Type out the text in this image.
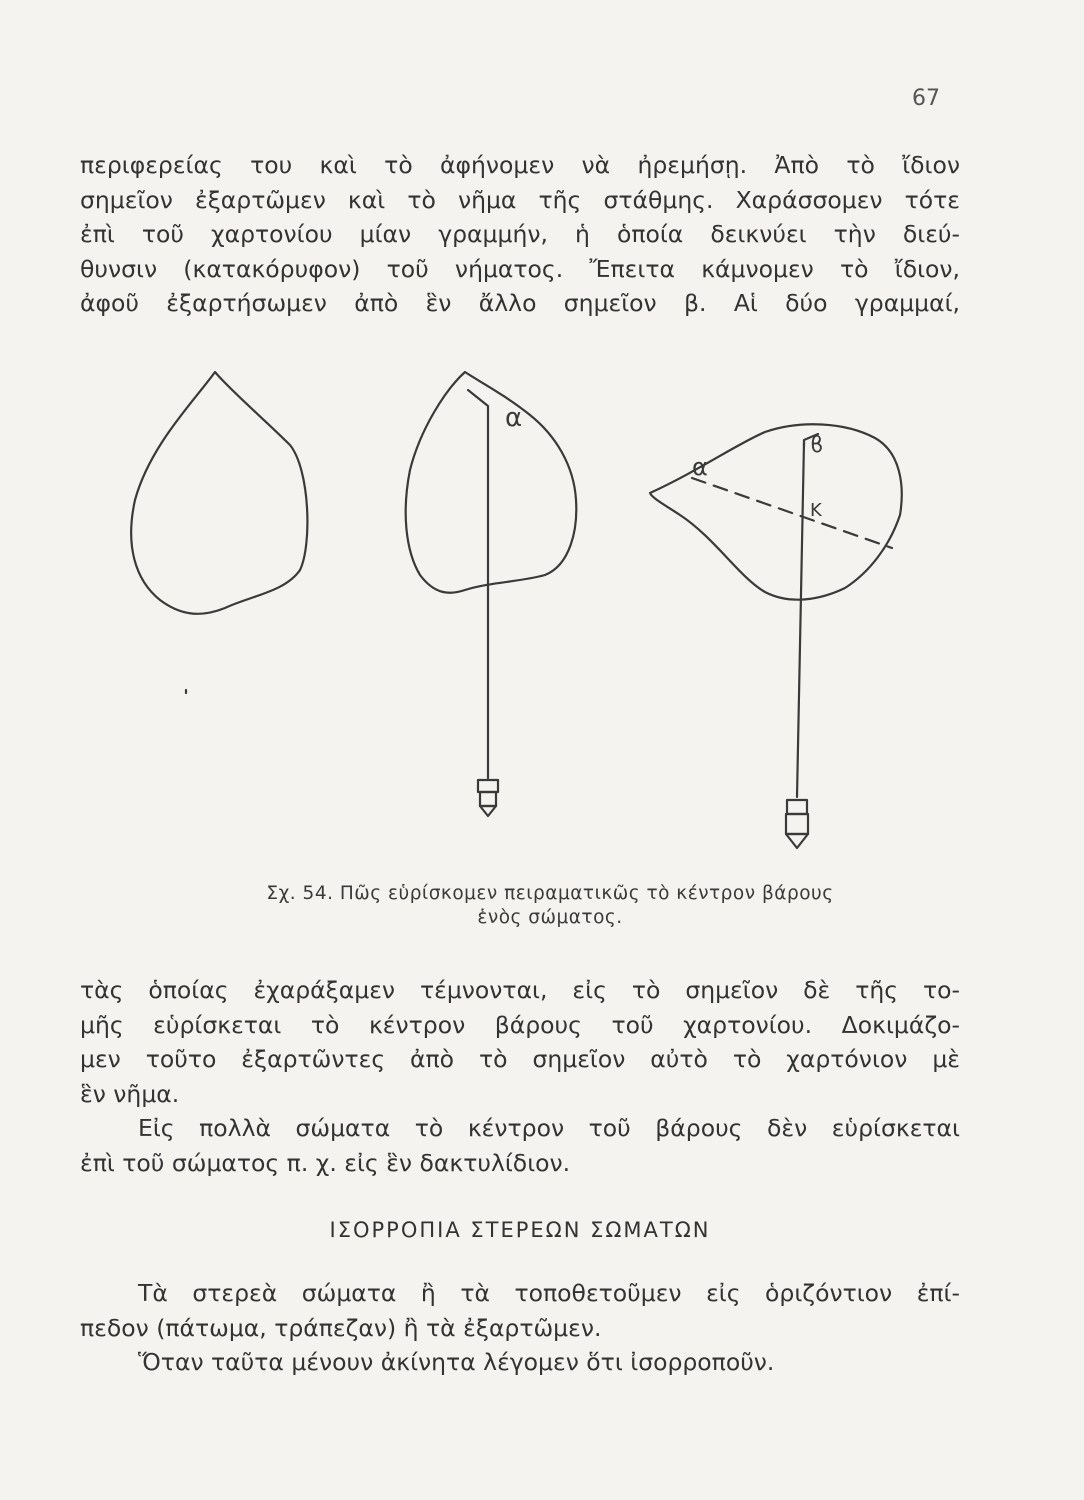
67
περιφερείας του καὶ τὸ ἀφήνομεν νὰ ἠρεμήσῃ. Ἀπὸ τὸ ἴδιον
σημεῖον ἐξαρτῶμεν καὶ τὸ νῆμα τῆς στάθμης. Χαράσσομεν τότε
ἐπὶ τοῦ χαρτονίου μίαν γραμμήν, ἡ ὁποία δεικνύει τὴν διεύ-
θυνσιν (κατακόρυφον) τοῦ νήματος. Ἔπειτα κάμνομεν τὸ ἴδιον,
ἀφοῦ ἐξαρτήσωμεν ἀπὸ ἓν ἄλλο σημεῖον β. Αἱ δύο γραμμαί,
α
α
ϐ
Κ
Σχ. 54. Πῶς εὑρίσκομεν πειραματικῶς τὸ κέντρον βάρους
ἑνὸς σώματος.
τὰς ὁποίας ἐχαράξαμεν τέμνονται, εἰς τὸ σημεῖον δὲ τῆς το-
μῆς εὑρίσκεται τὸ κέντρον βάρους τοῦ χαρτονίου. Δοκιμάζο-
μεν τοῦτο ἐξαρτῶντες ἀπὸ τὸ σημεῖον αὐτὸ τὸ χαρτόνιον μὲ
ἓν νῆμα.
Εἰς πολλὰ σώματα τὸ κέντρον τοῦ βάρους δὲν εὑρίσκεται
ἐπὶ τοῦ σώματος π. χ. εἰς ἓν δακτυλίδιον.
ΙΣΟΡΡΟΠΙΑ ΣΤΕΡΕΩΝ ΣΩΜΑΤΩΝ
Τὰ στερεὰ σώματα ἢ τὰ τοποθετοῦμεν εἰς ὁριζόντιον ἐπί-
πεδον (πάτωμα, τράπεζαν) ἢ τὰ ἐξαρτῶμεν.
Ὅταν ταῦτα μένουν ἀκίνητα λέγομεν ὅτι ἰσορροποῦν.
